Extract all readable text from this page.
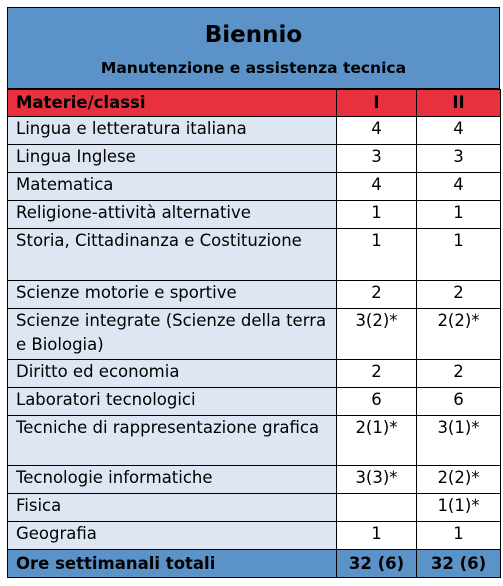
Biennio
Manutenzione e assistenza tecnica
Materie/classi	I	II
Lingua e letteratura italiana	4	4
Lingua Inglese	3	3
Matematica	4	4
Religione-attività alternative	1	1
Storia, Cittadinanza e Costituzione	1	1
Scienze motorie e sportive	2	2
Scienze integrate (Scienze della terra e Biologia)	3(2)*	2(2)*
Diritto ed economia	2	2
Laboratori tecnologici	6	6
Tecniche di rappresentazione grafica	2(1)*	3(1)*
Tecnologie informatiche	3(3)*	2(2)*
Fisica		1(1)*
Geografia	1	1
Ore settimanali totali	32 (6)	32 (6)
